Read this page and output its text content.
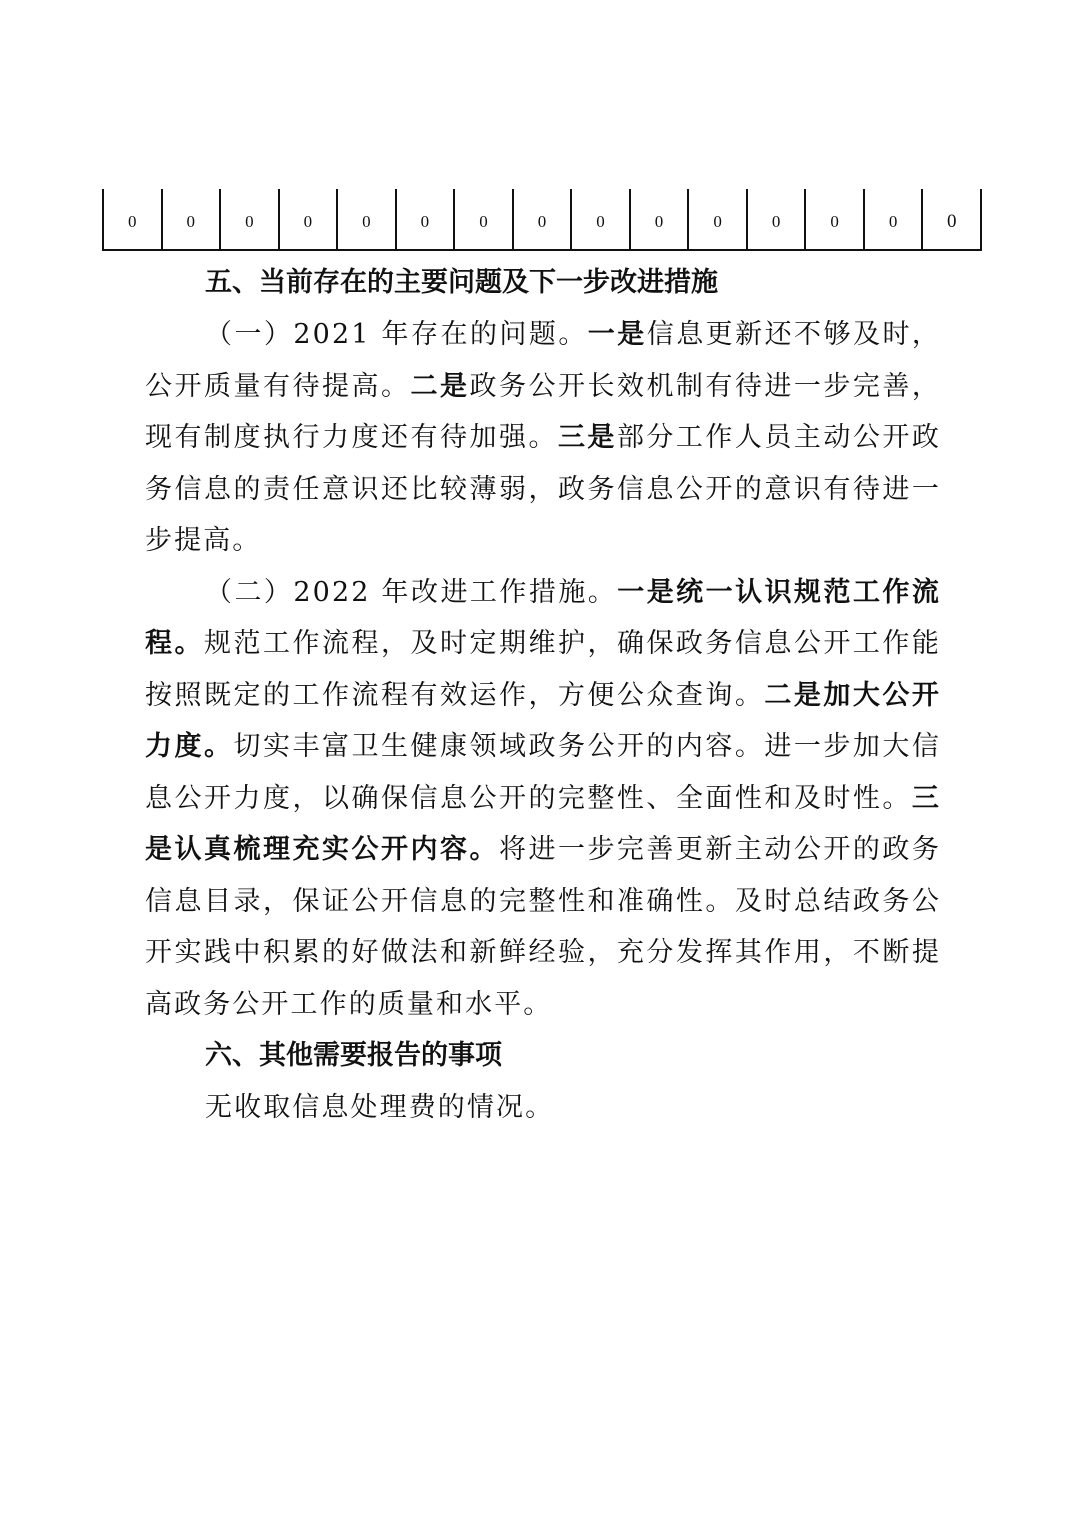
0	0	0	0	0	0	0	0	0	0	0	0	0	0	0
五、当前存在的主要问题及下一步改进措施

（一）2021 年存在的问题。一是信息更新还不够及时，公开质量有待提高。二是政务公开长效机制有待进一步完善，现有制度执行力度还有待加强。三是部分工作人员主动公开政务信息的责任意识还比较薄弱，政务信息公开的意识有待进一步提高。

（二）2022 年改进工作措施。一是统一认识规范工作流程。规范工作流程，及时定期维护，确保政务信息公开工作能按照既定的工作流程有效运作，方便公众查询。二是加大公开力度。切实丰富卫生健康领域政务公开的内容。进一步加大信息公开力度，以确保信息公开的完整性、全面性和及时性。三是认真梳理充实公开内容。将进一步完善更新主动公开的政务信息目录，保证公开信息的完整性和准确性。及时总结政务公开实践中积累的好做法和新鲜经验，充分发挥其作用，不断提高政务公开工作的质量和水平。

六、其他需要报告的事项

无收取信息处理费的情况。
